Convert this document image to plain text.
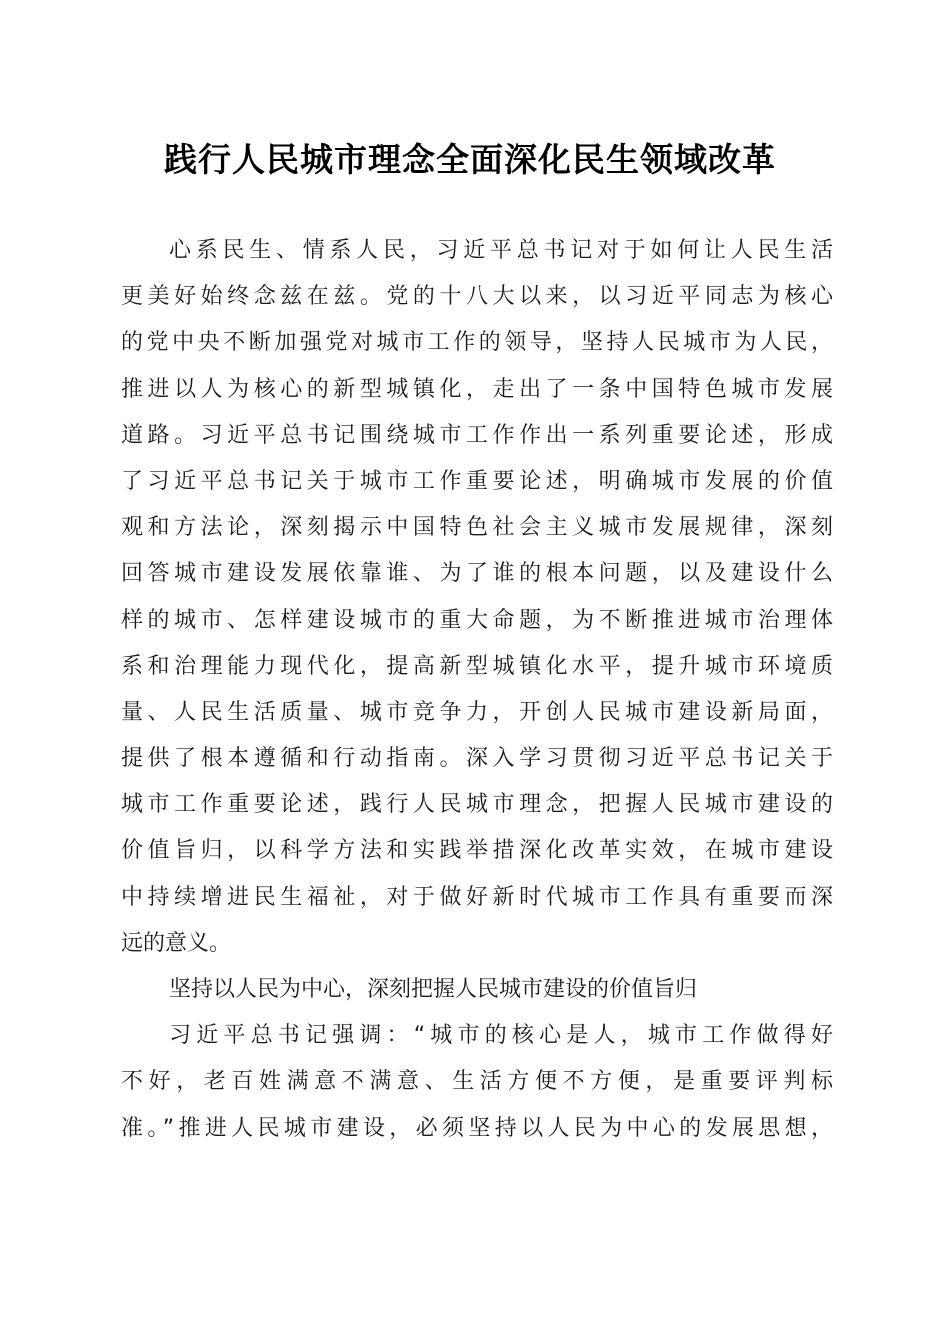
践行人民城市理念全面深化民生领域改革
心系民生、情系人民，习近平总书记对于如何让人民生活
更美好始终念兹在兹。党的十八大以来，以习近平同志为核心
的党中央不断加强党对城市工作的领导，坚持人民城市为人民，
推进以人为核心的新型城镇化，走出了一条中国特色城市发展
道路。习近平总书记围绕城市工作作出一系列重要论述，形成
了习近平总书记关于城市工作重要论述，明确城市发展的价值
观和方法论，深刻揭示中国特色社会主义城市发展规律，深刻
回答城市建设发展依靠谁、为了谁的根本问题，以及建设什么
样的城市、怎样建设城市的重大命题，为不断推进城市治理体
系和治理能力现代化，提高新型城镇化水平，提升城市环境质
量、人民生活质量、城市竞争力，开创人民城市建设新局面，
提供了根本遵循和行动指南。深入学习贯彻习近平总书记关于
城市工作重要论述，践行人民城市理念，把握人民城市建设的
价值旨归，以科学方法和实践举措深化改革实效，在城市建设
中持续增进民生福祉，对于做好新时代城市工作具有重要而深
远的意义。
坚持以人民为中心，深刻把握人民城市建设的价值旨归
习近平总书记强调：“城市的核心是人，城市工作做得好
不好，老百姓满意不满意、生活方便不方便，是重要评判标
准。”推进人民城市建设，必须坚持以人民为中心的发展思想，
